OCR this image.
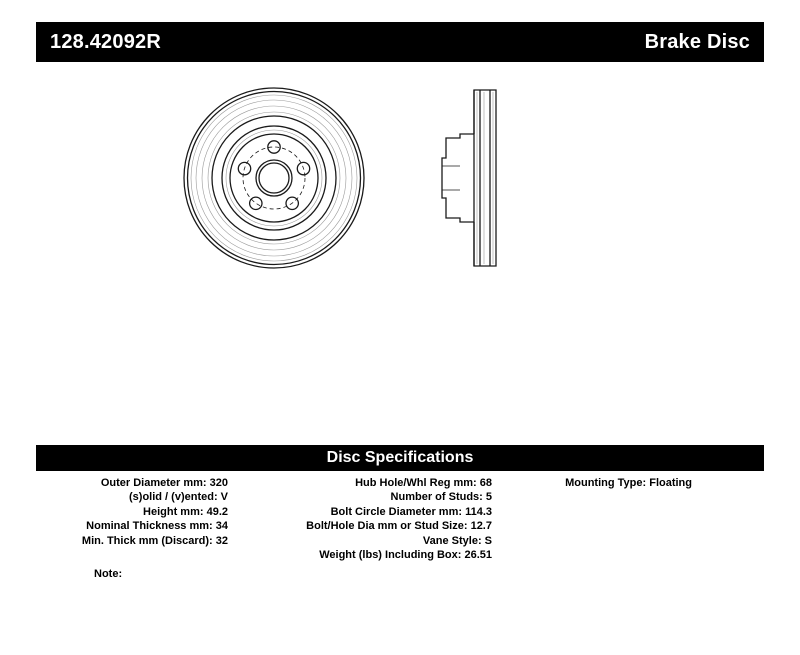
128.42092R	Brake Disc
Disc Specifications
Outer Diameter mm: 320
(s)olid / (v)ented: V
Height mm: 49.2
Nominal Thickness mm: 34
Min. Thick mm (Discard): 32
Hub Hole/Whl Reg mm: 68
Number of Studs: 5
Bolt Circle Diameter mm: 114.3
Bolt/Hole Dia mm or Stud Size: 12.7
Vane Style: S
Weight (lbs) Including Box: 26.51
Mounting Type: Floating
Note:
